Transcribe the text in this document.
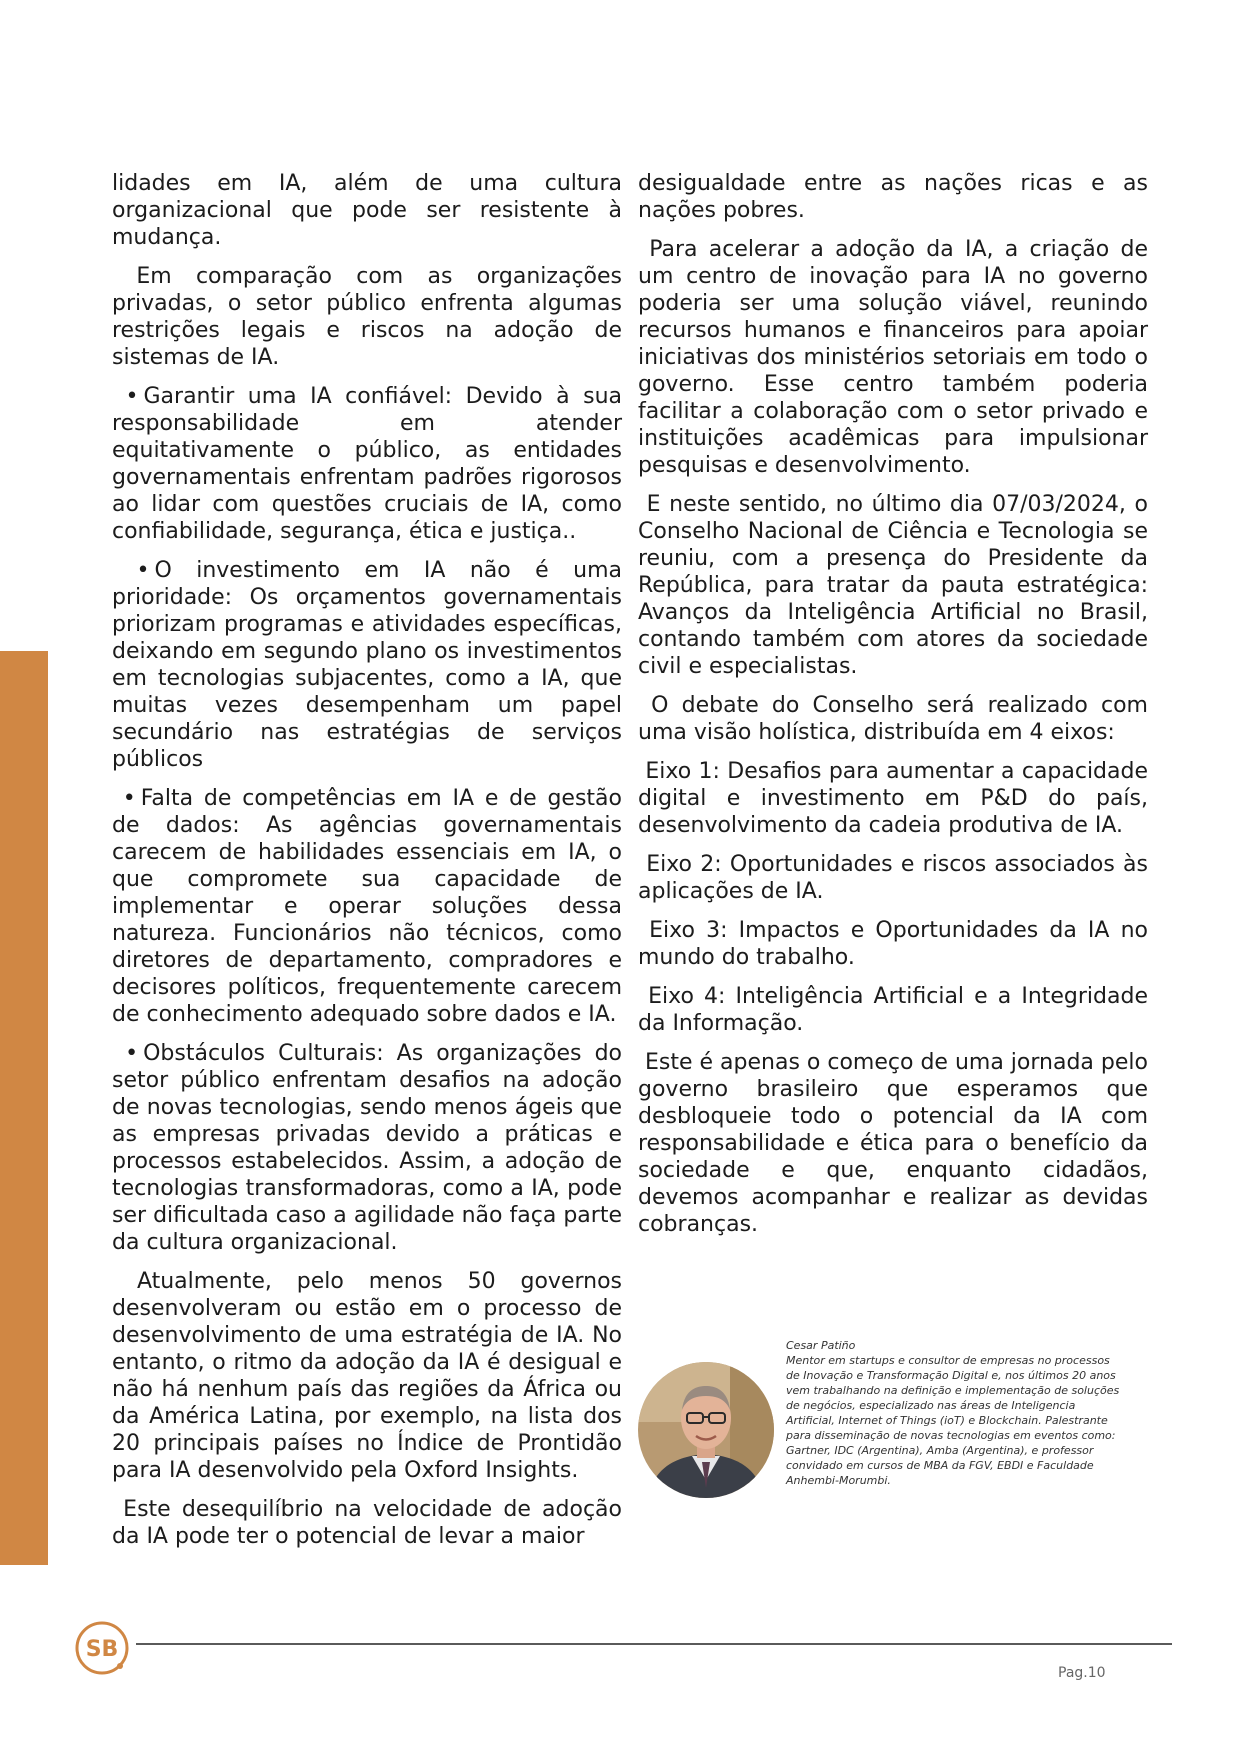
lidades em IA, além de uma cultura organizacional que pode ser resistente à mudança.

Em comparação com as organizações privadas, o setor público enfrenta algumas restrições legais e riscos na adoção de sistemas de IA.

• Garantir uma IA confiável: Devido à sua responsabilidade em atender equitativamente o público, as entidades governamentais enfrentam padrões rigorosos ao lidar com questões cruciais de IA, como confiabilidade, segurança, ética e justiça..

• O investimento em IA não é uma prioridade: Os orçamentos governamentais priorizam programas e atividades específicas, deixando em segundo plano os investimentos em tecnologias subjacentes, como a IA, que muitas vezes desempenham um papel secundário nas estratégias de serviços públicos

• Falta de competências em IA e de gestão de dados: As agências governamentais carecem de habilidades essenciais em IA, o que compromete sua capacidade de implementar e operar soluções dessa natureza. Funcionários não técnicos, como diretores de departamento, compradores e decisores políticos, frequentemente carecem de conhecimento adequado sobre dados e IA.

• Obstáculos Culturais: As organizações do setor público enfrentam desafios na adoção de novas tecnologias, sendo menos ágeis que as empresas privadas devido a práticas e processos estabelecidos. Assim, a adoção de tecnologias transformadoras, como a IA, pode ser dificultada caso a agilidade não faça parte da cultura organizacional.

Atualmente, pelo menos 50 governos desenvolveram ou estão em o processo de desenvolvimento de uma estratégia de IA. No entanto, o ritmo da adoção da IA é desigual e não há nenhum país das regiões da África ou da América Latina, por exemplo, na lista dos 20 principais países no Índice de Prontidão para IA desenvolvido pela Oxford Insights.

Este desequilíbrio na velocidade de adoção da IA pode ter o potencial de levar a maior

desigualdade entre as nações ricas e as nações pobres.

Para acelerar a adoção da IA, a criação de um centro de inovação para IA no governo poderia ser uma solução viável, reunindo recursos humanos e financeiros para apoiar iniciativas dos ministérios setoriais em todo o governo. Esse centro também poderia facilitar a colaboração com o setor privado e instituições acadêmicas para impulsionar pesquisas e desenvolvimento.

E neste sentido, no último dia 07/03/2024, o Conselho Nacional de Ciência e Tecnologia se reuniu, com a presença do Presidente da República, para tratar da pauta estratégica: Avanços da Inteligência Artificial no Brasil, contando também com atores da sociedade civil e especialistas.

O debate do Conselho será realizado com uma visão holística, distribuída em 4 eixos:

Eixo 1: Desafios para aumentar a capacidade digital e investimento em P&D do país, desenvolvimento da cadeia produtiva de IA.

Eixo 2: Oportunidades e riscos associados às aplicações de IA.

Eixo 3: Impactos e Oportunidades da IA no mundo do trabalho.

Eixo 4: Inteligência Artificial e a Integridade da Informação.

Este é apenas o começo de uma jornada pelo governo brasileiro que esperamos que desbloqueie todo o potencial da IA com responsabilidade e ética para o benefício da sociedade e que, enquanto cidadãos, devemos acompanhar e realizar as devidas cobranças.

Cesar Patiño
Mentor em startups e consultor de empresas no processos de Inovação e Transformação Digital e, nos últimos 20 anos vem trabalhando na definição e implementação de soluções de negócios, especializado nas áreas de Inteligencia Artificial, Internet of Things (ioT) e Blockchain. Palestrante para disseminação de novas tecnologias em eventos como: Gartner, IDC (Argentina), Amba (Argentina), e professor convidado em cursos de MBA da FGV, EBDI e Faculdade Anhembi-Morumbi.
SB
Pag.10
